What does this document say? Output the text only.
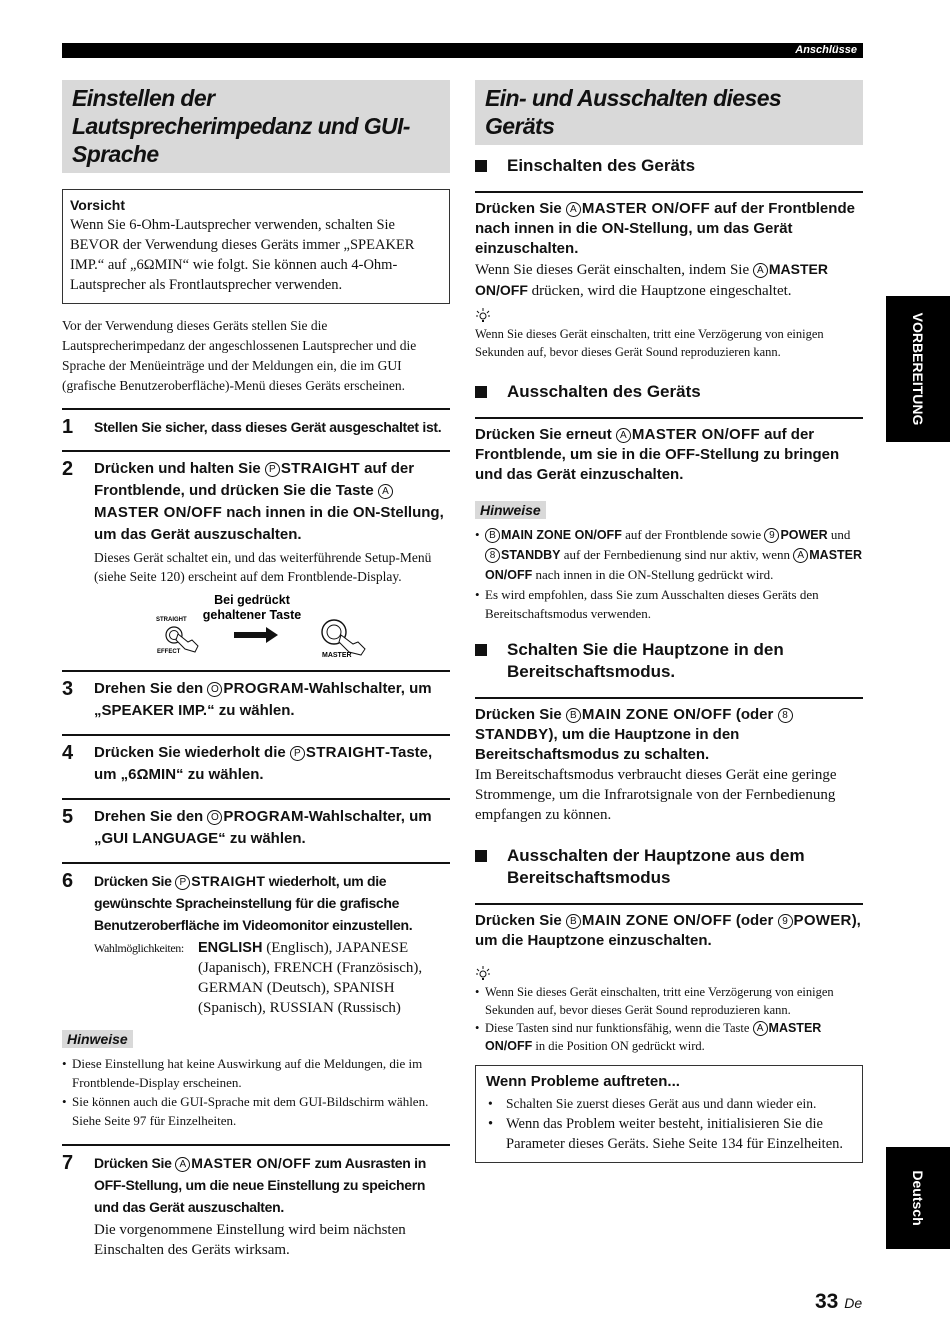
Anschlüsse
Einstellen der Lautsprecherimpedanz und GUI-Sprache
Vorsicht

Wenn Sie 6-Ohm-Lautsprecher verwenden, schalten Sie BEVOR der Verwendung dieses Geräts immer „SPEAKER IMP.“ auf „6ΩMIN“ wie folgt. Sie können auch 4-Ohm-Lautsprecher als Frontlautsprecher verwenden.

Vor der Verwendung dieses Geräts stellen Sie die Lautsprecherimpedanz der angeschlossenen Lautsprecher und die Sprache der Menüeinträge und der Meldungen ein, die im GUI (grafische Benutzeroberfläche)-Menü dieses Geräts erscheinen.

1	Stellen Sie sicher, dass dieses Gerät ausgeschaltet ist.
2	Drücken und halten Sie P STRAIGHT auf der Frontblende, und drücken Sie die Taste AMASTER ON/OFF nach innen in die ON-Stellung, um das Gerät auszuschalten.
Dieses Gerät schaltet ein, und das weiterführende Setup-Menü (siehe Seite 120) erscheint auf dem Frontblende-Display.
Bei gedrückt
gehaltener Taste
STRAIGHT
EFFECT	MASTER
3	Drehen Sie den O PROGRAM-Wahlschalter, um „SPEAKER IMP.“ zu wählen.
4	Drücken Sie wiederholt die P STRAIGHT-Taste, um „6ΩMIN“ zu wählen.
5	Drehen Sie den O PROGRAM-Wahlschalter, um „GUI LANGUAGE“ zu wählen.
6	Drücken Sie P STRAIGHT wiederholt, um die gewünschte Spracheinstellung für die grafische Benutzeroberfläche im Videomonitor einzustellen.
Wahlmöglichkeiten: ENGLISH (Englisch), JAPANESE (Japanisch), FRENCH (Französisch), GERMAN (Deutsch), SPANISH (Spanisch), RUSSIAN (Russisch)
Hinweise
• Diese Einstellung hat keine Auswirkung auf die Meldungen, die im Frontblende-Display erscheinen.
• Sie können auch die GUI-Sprache mit dem GUI-Bildschirm wählen. Siehe Seite 97 für Einzelheiten.
7	Drücken Sie A MASTER ON/OFF zum Ausrasten in OFF-Stellung, um die neue Einstellung zu speichern und das Gerät auszuschalten.
Die vorgenommene Einstellung wird beim nächsten Einschalten des Geräts wirksam.
Ein- und Ausschalten dieses Geräts
Einschalten des Geräts
Drücken Sie A MASTER ON/OFF auf der Frontblende nach innen in die ON-Stellung, um das Gerät einzuschalten.
Wenn Sie dieses Gerät einschalten, indem Sie A MASTER ON/OFF drücken, wird die Hauptzone eingeschaltet.
Wenn Sie dieses Gerät einschalten, tritt eine Verzögerung von einigen Sekunden auf, bevor dieses Gerät Sound reproduzieren kann.
Ausschalten des Geräts
Drücken Sie erneut A MASTER ON/OFF auf der Frontblende, um sie in die OFF-Stellung zu bringen und das Gerät einzuschalten.
Hinweise
• B MAIN ZONE ON/OFF auf der Frontblende sowie 9 POWER und 8 STANDBY auf der Fernbedienung sind nur aktiv, wenn A MASTER ON/OFF nach innen in die ON-Stellung gedrückt wird.
• Es wird empfohlen, dass Sie zum Ausschalten dieses Geräts den Bereitschaftsmodus verwenden.
Schalten Sie die Hauptzone in den Bereitschaftsmodus.
Drücken Sie B MAIN ZONE ON/OFF (oder 8STANDBY), um die Hauptzone in den Bereitschaftsmodus zu schalten.
Im Bereitschaftsmodus verbraucht dieses Gerät eine geringe Strommenge, um die Infrarotsignale von der Fernbedienung empfangen zu können.
Ausschalten der Hauptzone aus dem Bereitschaftsmodus
Drücken Sie B MAIN ZONE ON/OFF (oder 9 POWER), um die Hauptzone einzuschalten.
• Wenn Sie dieses Gerät einschalten, tritt eine Verzögerung von einigen Sekunden auf, bevor dieses Gerät Sound reproduzieren kann.
• Diese Tasten sind nur funktionsfähig, wenn die Taste A MASTER ON/OFF in die Position ON gedrückt wird.
Wenn Probleme auftreten...
• Schalten Sie zuerst dieses Gerät aus und dann wieder ein.
• Wenn das Problem weiter besteht, initialisieren Sie die Parameter dieses Geräts. Siehe Seite 134 für Einzelheiten.
VORBEREITUNG
Deutsch
33 De
